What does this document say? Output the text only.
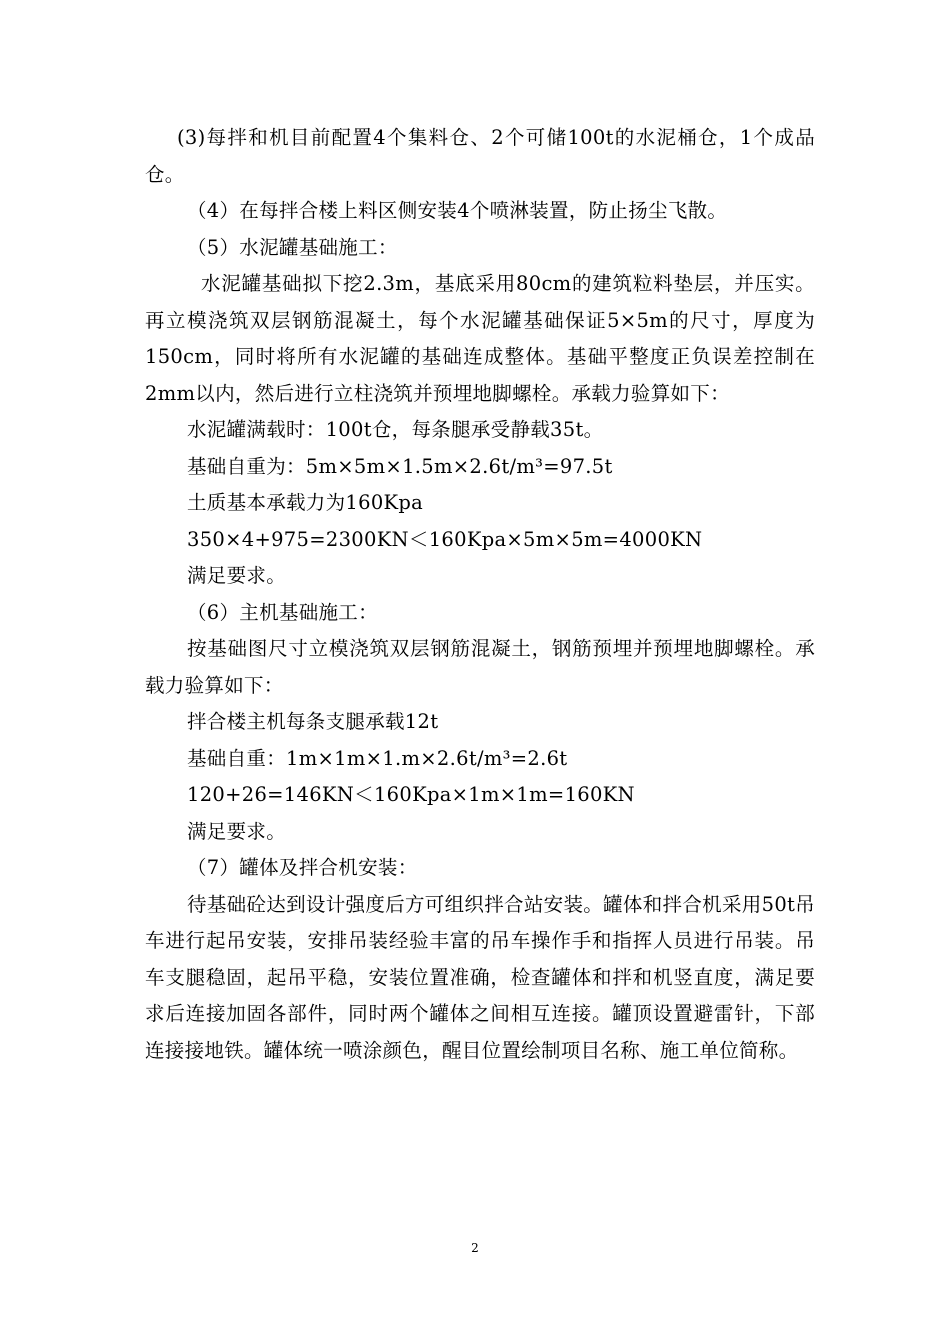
(3)每拌和机目前配置4个集料仓、2个可储100t的水泥桶仓，1个成品仓。

（4）在每拌合楼上料区侧安装4个喷淋装置，防止扬尘飞散。

（5）水泥罐基础施工：

水泥罐基础拟下挖2.3m，基底采用80cm的建筑粒料垫层，并压实。再立模浇筑双层钢筋混凝土，每个水泥罐基础保证5×5m的尺寸，厚度为150cm，同时将所有水泥罐的基础连成整体。基础平整度正负误差控制在2mm以内，然后进行立柱浇筑并预埋地脚螺栓。承载力验算如下：

水泥罐满载时：100t仓，每条腿承受静载35t。

基础自重为：5m×5m×1.5m×2.6t/m³=97.5t

土质基本承载力为160Kpa

350×4+975=2300KN＜160Kpa×5m×5m=4000KN

满足要求。

（6）主机基础施工：

按基础图尺寸立模浇筑双层钢筋混凝土，钢筋预埋并预埋地脚螺栓。承载力验算如下：

拌合楼主机每条支腿承载12t

基础自重：1m×1m×1.m×2.6t/m³=2.6t

120+26=146KN＜160Kpa×1m×1m=160KN

满足要求。

（7）罐体及拌合机安装：

待基础砼达到设计强度后方可组织拌合站安装。罐体和拌合机采用50t吊车进行起吊安装，安排吊装经验丰富的吊车操作手和指挥人员进行吊装。吊车支腿稳固，起吊平稳，安装位置准确，检查罐体和拌和机竖直度，满足要求后连接加固各部件，同时两个罐体之间相互连接。罐顶设置避雷针，下部连接接地铁。罐体统一喷涂颜色，醒目位置绘制项目名称、施工单位简称。

2
